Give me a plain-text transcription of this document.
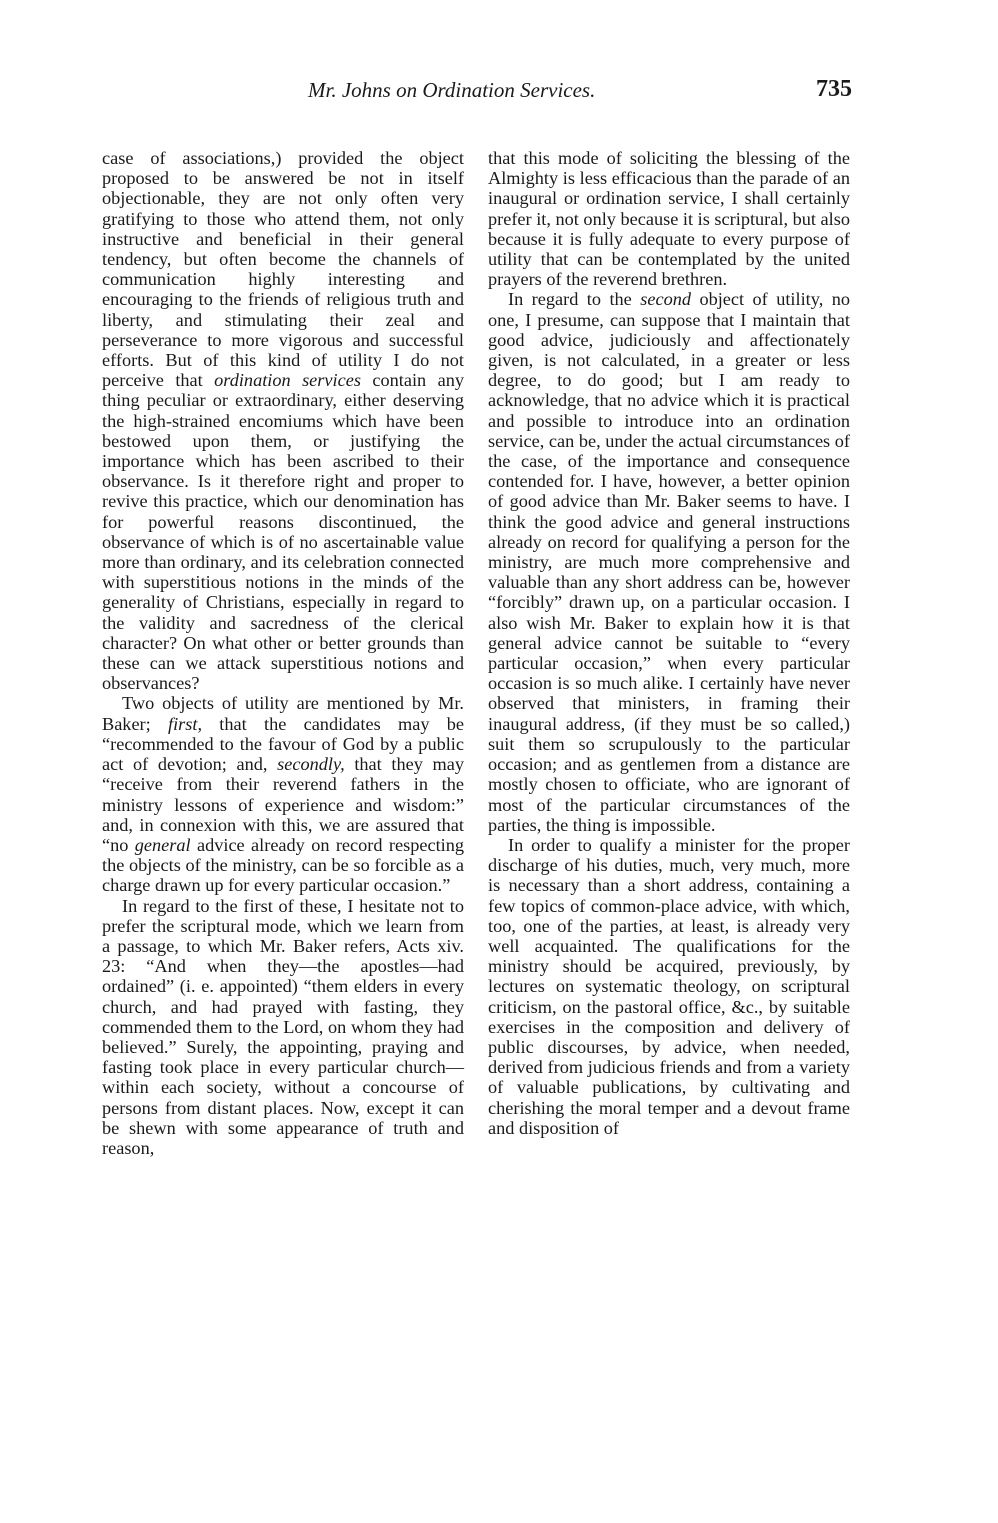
Mr. Johns on Ordination Services.	735

case of associations,) provided the object proposed to be answered be not in itself objectionable, they are not only often very gratifying to those who attend them, not only instructive and beneficial in their general tendency, but often become the channels of communication highly interesting and encouraging to the friends of religious truth and liberty, and stimulating their zeal and perseverance to more vigorous and successful efforts. But of this kind of utility I do not perceive that ordination services contain any thing peculiar or extraordinary, either deserving the high-strained encomiums which have been bestowed upon them, or justifying the importance which has been ascribed to their observance. Is it therefore right and proper to revive this practice, which our denomination has for powerful reasons discontinued, the observance of which is of no ascertainable value more than ordinary, and its celebration connected with superstitious notions in the minds of the generality of Christians, especially in regard to the validity and sacredness of the clerical character? On what other or better grounds than these can we attack superstitious notions and observances?

Two objects of utility are mentioned by Mr. Baker; first, that the candidates may be “recommended to the favour of God by a public act of devotion; and, secondly, that they may “receive from their reverend fathers in the ministry lessons of experience and wisdom:” and, in connexion with this, we are assured that “no general advice already on record respecting the objects of the ministry, can be so forcible as a charge drawn up for every particular occasion.”

In regard to the first of these, I hesitate not to prefer the scriptural mode, which we learn from a passage, to which Mr. Baker refers, Acts xiv. 23: “And when they—the apostles—had ordained” (i. e. appointed) “them elders in every church, and had prayed with fasting, they commended them to the Lord, on whom they had believed.” Surely, the appointing, praying and fasting took place in every particular church—within each society, without a concourse of persons from distant places. Now, except it can be shewn with some appearance of truth and reason,

that this mode of soliciting the blessing of the Almighty is less efficacious than the parade of an inaugural or ordination service, I shall certainly prefer it, not only because it is scriptural, but also because it is fully adequate to every purpose of utility that can be contemplated by the united prayers of the reverend brethren.

In regard to the second object of utility, no one, I presume, can suppose that I maintain that good advice, judiciously and affectionately given, is not calculated, in a greater or less degree, to do good; but I am ready to acknowledge, that no advice which it is practical and possible to introduce into an ordination service, can be, under the actual circumstances of the case, of the importance and consequence contended for. I have, however, a better opinion of good advice than Mr. Baker seems to have. I think the good advice and general instructions already on record for qualifying a person for the ministry, are much more comprehensive and valuable than any short address can be, however “forcibly” drawn up, on a particular occasion. I also wish Mr. Baker to explain how it is that general advice cannot be suitable to “every particular occasion,” when every particular occasion is so much alike. I certainly have never observed that ministers, in framing their inaugural address, (if they must be so called,) suit them so scrupulously to the particular occasion; and as gentlemen from a distance are mostly chosen to officiate, who are ignorant of most of the particular circumstances of the parties, the thing is impossible.

In order to qualify a minister for the proper discharge of his duties, much, very much, more is necessary than a short address, containing a few topics of common-place advice, with which, too, one of the parties, at least, is already very well acquainted. The qualifications for the ministry should be acquired, previously, by lectures on systematic theology, on scriptural criticism, on the pastoral office, &c., by suitable exercises in the composition and delivery of public discourses, by advice, when needed, derived from judicious friends and from a variety of valuable publications, by cultivating and cherishing the moral temper and a devout frame and disposition of
